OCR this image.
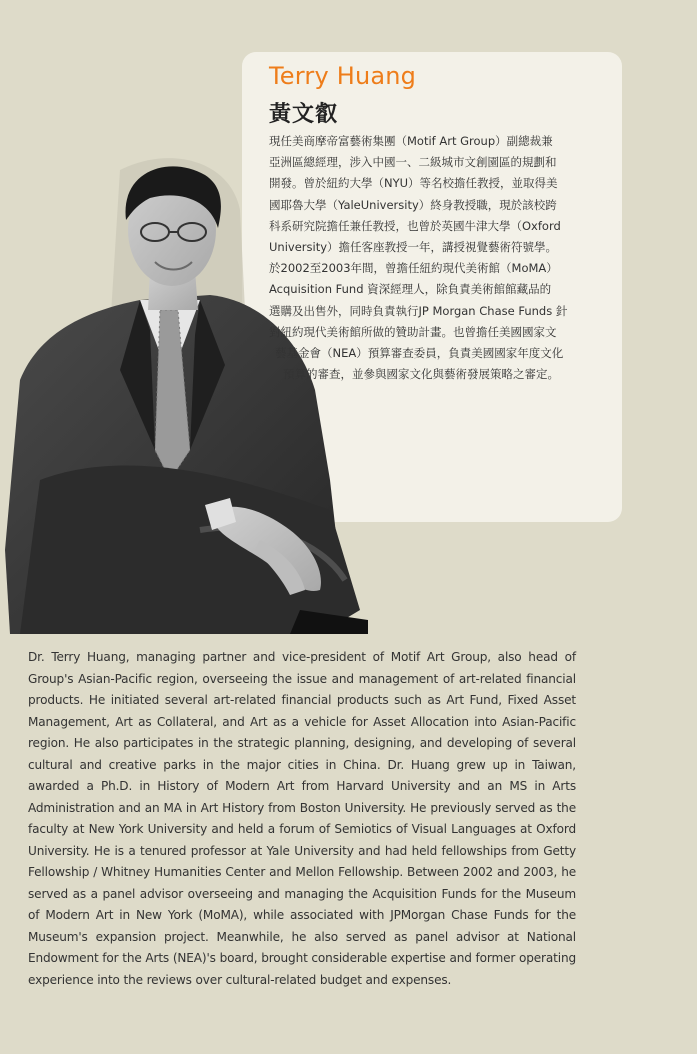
Terry Huang
黃文叡
現任美商摩帝富藝術集團（Motif Art Group）副總裁兼
亞洲區總經理，涉入中國一、二級城市文創園區的規劃和
開發。曾於紐約大學（NYU）等名校擔任教授，並取得美
國耶魯大學（YaleUniversity）終身教授職，現於該校跨
科系研究院擔任兼任教授，也曾於英國牛津大學（Oxford
University）擔任客座教授一年，講授視覺藝術符號學。
於2002至2003年間，曾擔任紐約現代美術館（MoMA）
Acquisition Fund 資深經理人，除負責美術館館藏品的
選購及出售外，同時負責執行JP Morgan Chase Funds 針
對紐約現代美術館所做的贊助計畫。也曾擔任美國國家文
藝基金會（NEA）預算審查委員，負責美國國家年度文化
預算的審查，並參與國家文化與藝術發展策略之審定。
Dr. Terry Huang, managing partner and vice-president of Motif Art Group, also head of Group's Asian-Pacific region, overseeing the issue and management of art-related financial products. He initiated several art-related financial products such as Art Fund, Fixed Asset Management, Art as Collateral, and Art as a vehicle for Asset Allocation into Asian-Pacific region. He also participates in the strategic planning, designing, and developing of several cultural and creative parks in the major cities in China. Dr. Huang grew up in Taiwan, awarded a Ph.D. in History of Modern Art from Harvard University and an MS in Arts Administration and an MA in Art History from Boston University. He previously served as the faculty at New York University and held a forum of Semiotics of Visual Languages at Oxford University. He is a tenured professor at Yale University and had held fellowships from Getty Fellowship / Whitney Humanities Center and Mellon Fellowship. Between 2002 and 2003, he served as a panel advisor overseeing and managing the Acquisition Funds for the Museum of Modern Art in New York (MoMA), while associated with JPMorgan Chase Funds for the Museum's expansion project. Meanwhile, he also served as panel advisor at National Endowment for the Arts (NEA)'s board, brought considerable expertise and former operating experience into the reviews over cultural-related budget and expenses.
